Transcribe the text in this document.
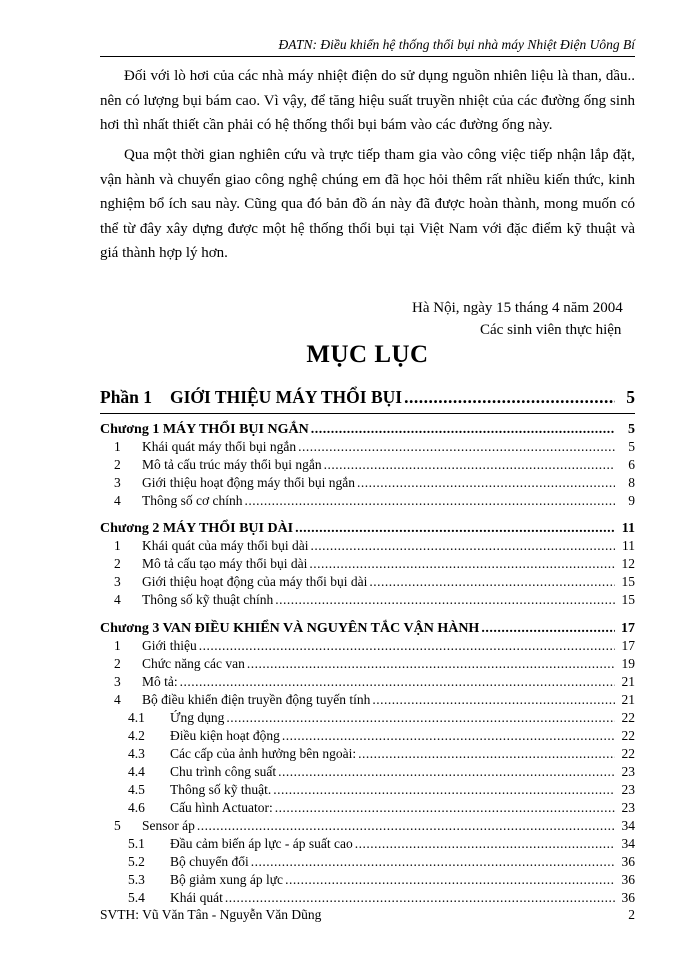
ĐATN: Điều khiển hệ thống thổi bụi nhà máy Nhiệt Điện Uông Bí

Đối với lò hơi của các nhà máy nhiệt điện do sử dụng nguồn nhiên liệu là than, dầu.. nên có lượng bụi bám cao. Vì vậy, để tăng hiệu suất truyền nhiệt của các đường ống sinh hơi thì nhất thiết cần phải có hệ thống thổi bụi bám vào các đường ống này.

Qua một thời gian nghiên cứu và trực tiếp tham gia vào công việc tiếp nhận lắp đặt, vận hành và chuyển giao công nghệ chúng em đã học hỏi thêm rất nhiều kiến thức, kinh nghiệm bổ ích sau này. Cũng qua đó bản đồ án này đã được hoàn thành, mong muốn có thể từ đây xây dựng được một hệ thống thổi bụi tại Việt Nam với đặc điểm kỹ thuật và giá thành hợp lý hơn.

Hà Nội, ngày 15 tháng 4 năm 2004
Các sinh viên thực hiện
MỤC LỤC
Phần 1	GIỚI THIỆU MÁY THỔI BỤI .....	5
Chương 1 MÁY THỔI BỤI NGẮN .....	5
1	Khái quát máy thổi bụi ngắn .....	5
2	Mô tả cấu trúc máy thổi bụi ngắn .....	6
3	Giới thiệu hoạt động máy thổi bụi ngắn .....	8
4	Thông số cơ chính .....	9
Chương 2 MÁY THỔI BỤI DÀI .....	11
1	Khái quát của máy thổi bụi dài .....	11
2	Mô tả cấu tạo máy thổi bụi dài .....	12
3	Giới thiệu hoạt động của máy thổi bụi dài .....	15
4	Thông số kỹ thuật chính .....	15
Chương 3 VAN ĐIỀU KHIỂN VÀ NGUYÊN TẮC VẬN HÀNH .....	17
1	Giới thiệu .....	17
2	Chức năng các van .....	19
3	Mô tả: .....	21
4	Bộ điều khiển điện truyền động tuyến tính .....	21
4.1	Ứng dụng .....	22
4.2	Điều kiện hoạt động .....	22
4.3	Các cấp của ảnh hưởng bên ngoài: .....	22
4.4	Chu trình công suất .....	23
4.5	Thông số kỹ thuật. .....	23
4.6	Cấu hình Actuator: .....	23
5	Sensor áp .....	34
5.1	Đầu cảm biến áp lực - áp suất cao .....	34
5.2	Bộ chuyển đổi .....	36
5.3	Bộ giảm xung áp lực .....	36
5.4	Khái quát .....	36
SVTH: Vũ Văn Tân - Nguyễn Văn Dũng	2
